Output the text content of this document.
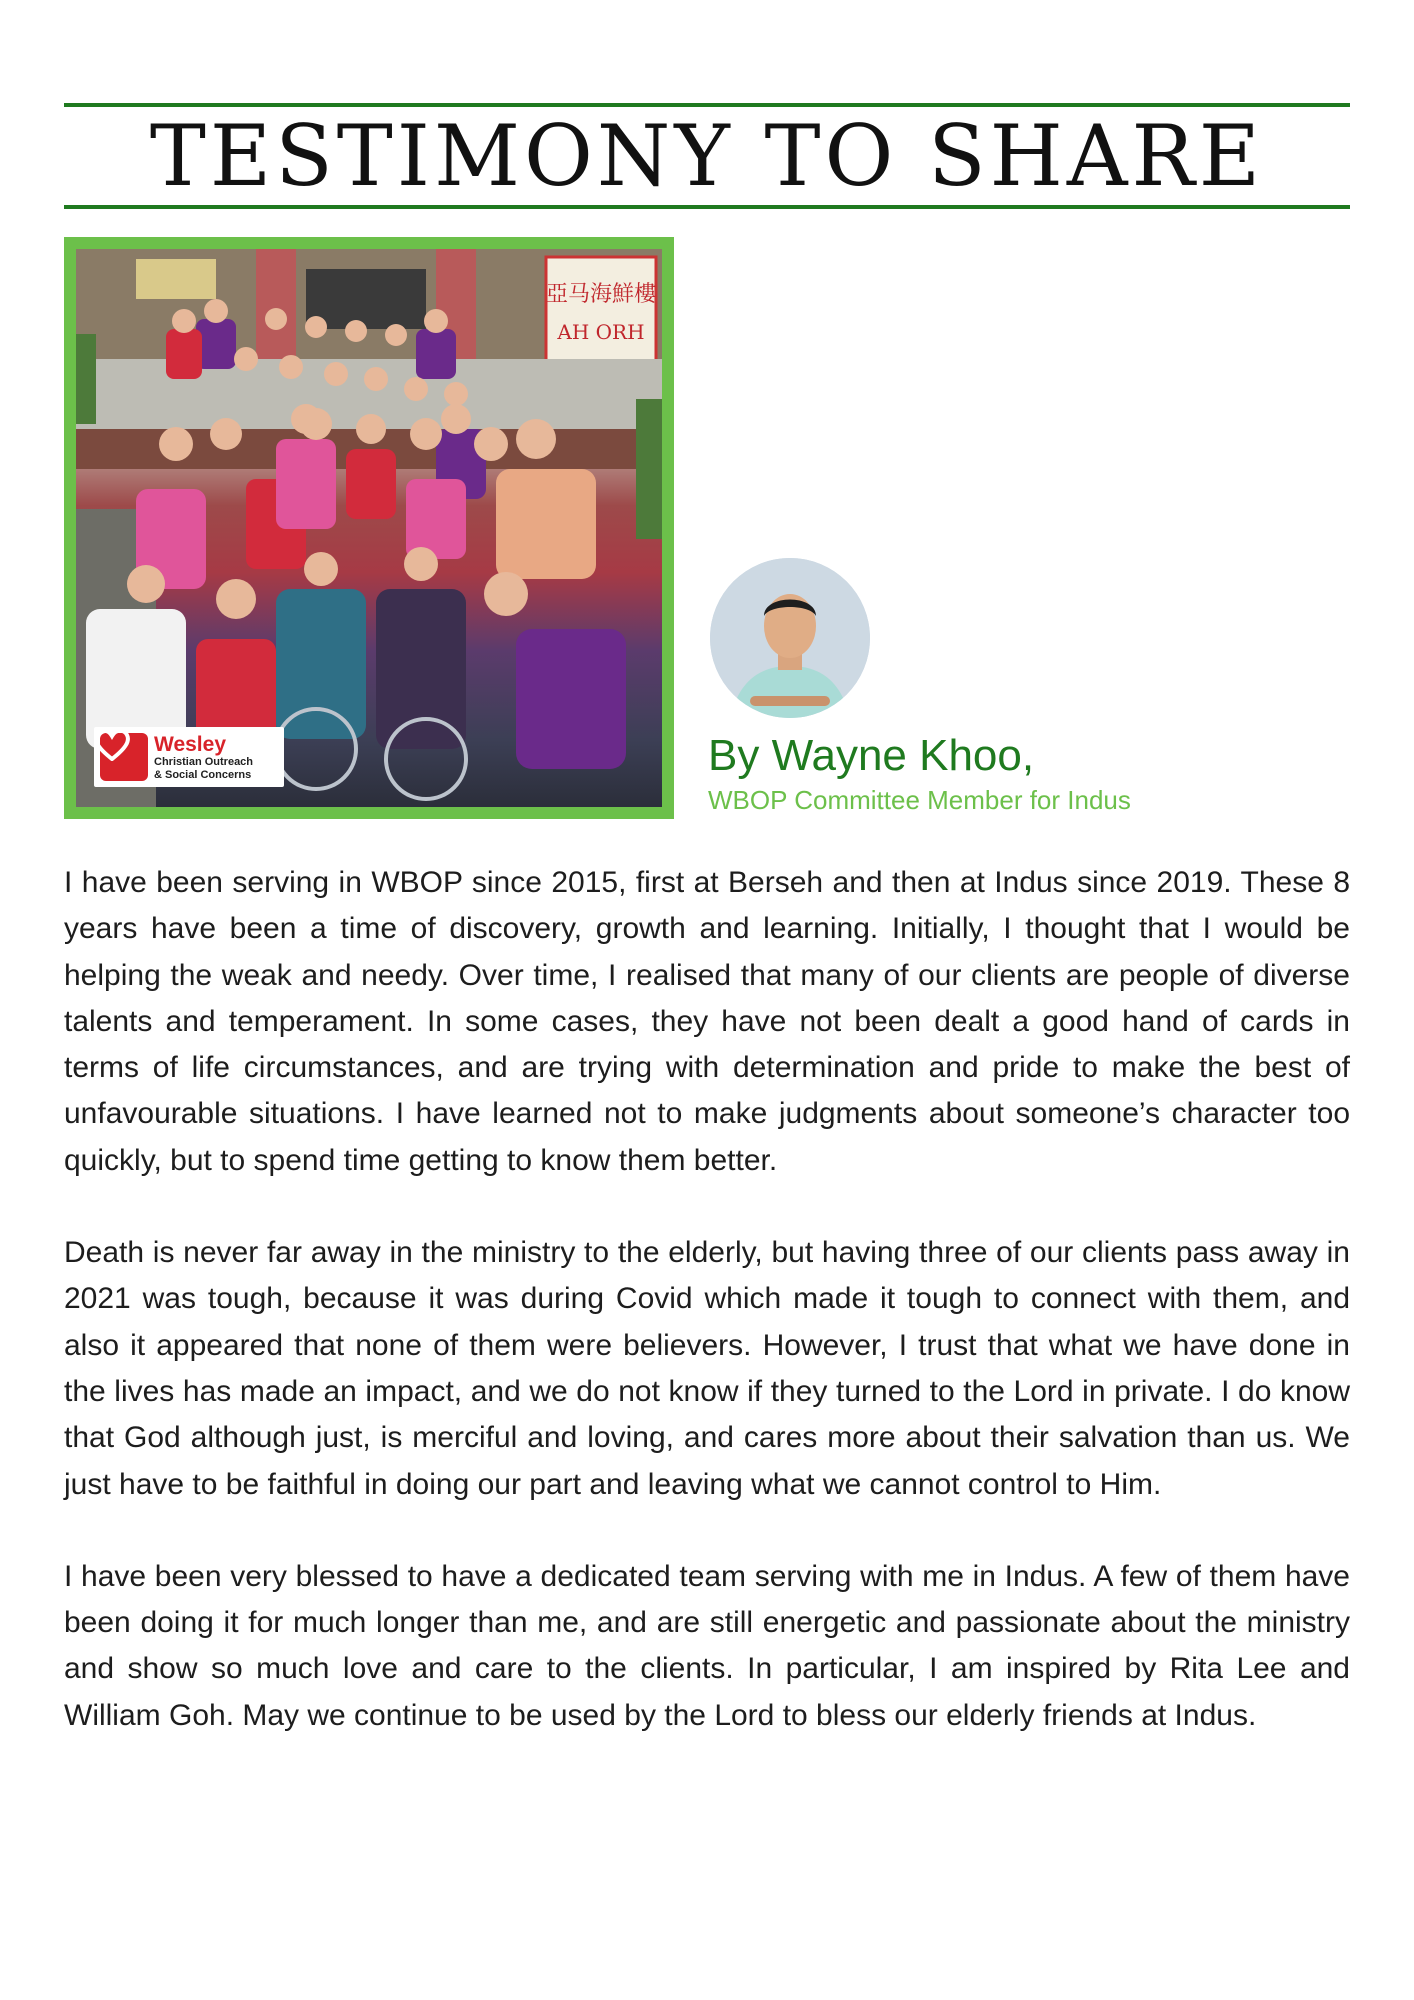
TESTIMONY TO SHARE
亞马海鮮樓
AH ORH
Wesley
Christian Outreach
& Social Concerns	By Wayne Khoo,
WBOP Committee Member for Indus

I have been serving in WBOP since 2015, first at Berseh and then at Indus since 2019. These 8 years have been a time of discovery, growth and learning. Initially, I thought that I would be helping the weak and needy. Over time, I realised that many of our clients are people of diverse talents and temperament. In some cases, they have not been dealt a good hand of cards in terms of life circumstances, and are trying with determination and pride to make the best of unfavourable situations. I have learned not to make judgments about someone’s character too quickly, but to spend time getting to know them better.

Death is never far away in the ministry to the elderly, but having three of our clients pass away in 2021 was tough, because it was during Covid which made it tough to connect with them, and also it appeared that none of them were believers. However, I trust that what we have done in the lives has made an impact, and we do not know if they turned to the Lord in private. I do know that God although just, is merciful and loving, and cares more about their salvation than us. We just have to be faithful in doing our part and leaving what we cannot control to Him.

I have been very blessed to have a dedicated team serving with me in Indus. A few of them have been doing it for much longer than me, and are still energetic and passionate about the ministry and show so much love and care to the clients. In particular, I am inspired by Rita Lee and William Goh. May we continue to be used by the Lord to bless our elderly friends at Indus.
